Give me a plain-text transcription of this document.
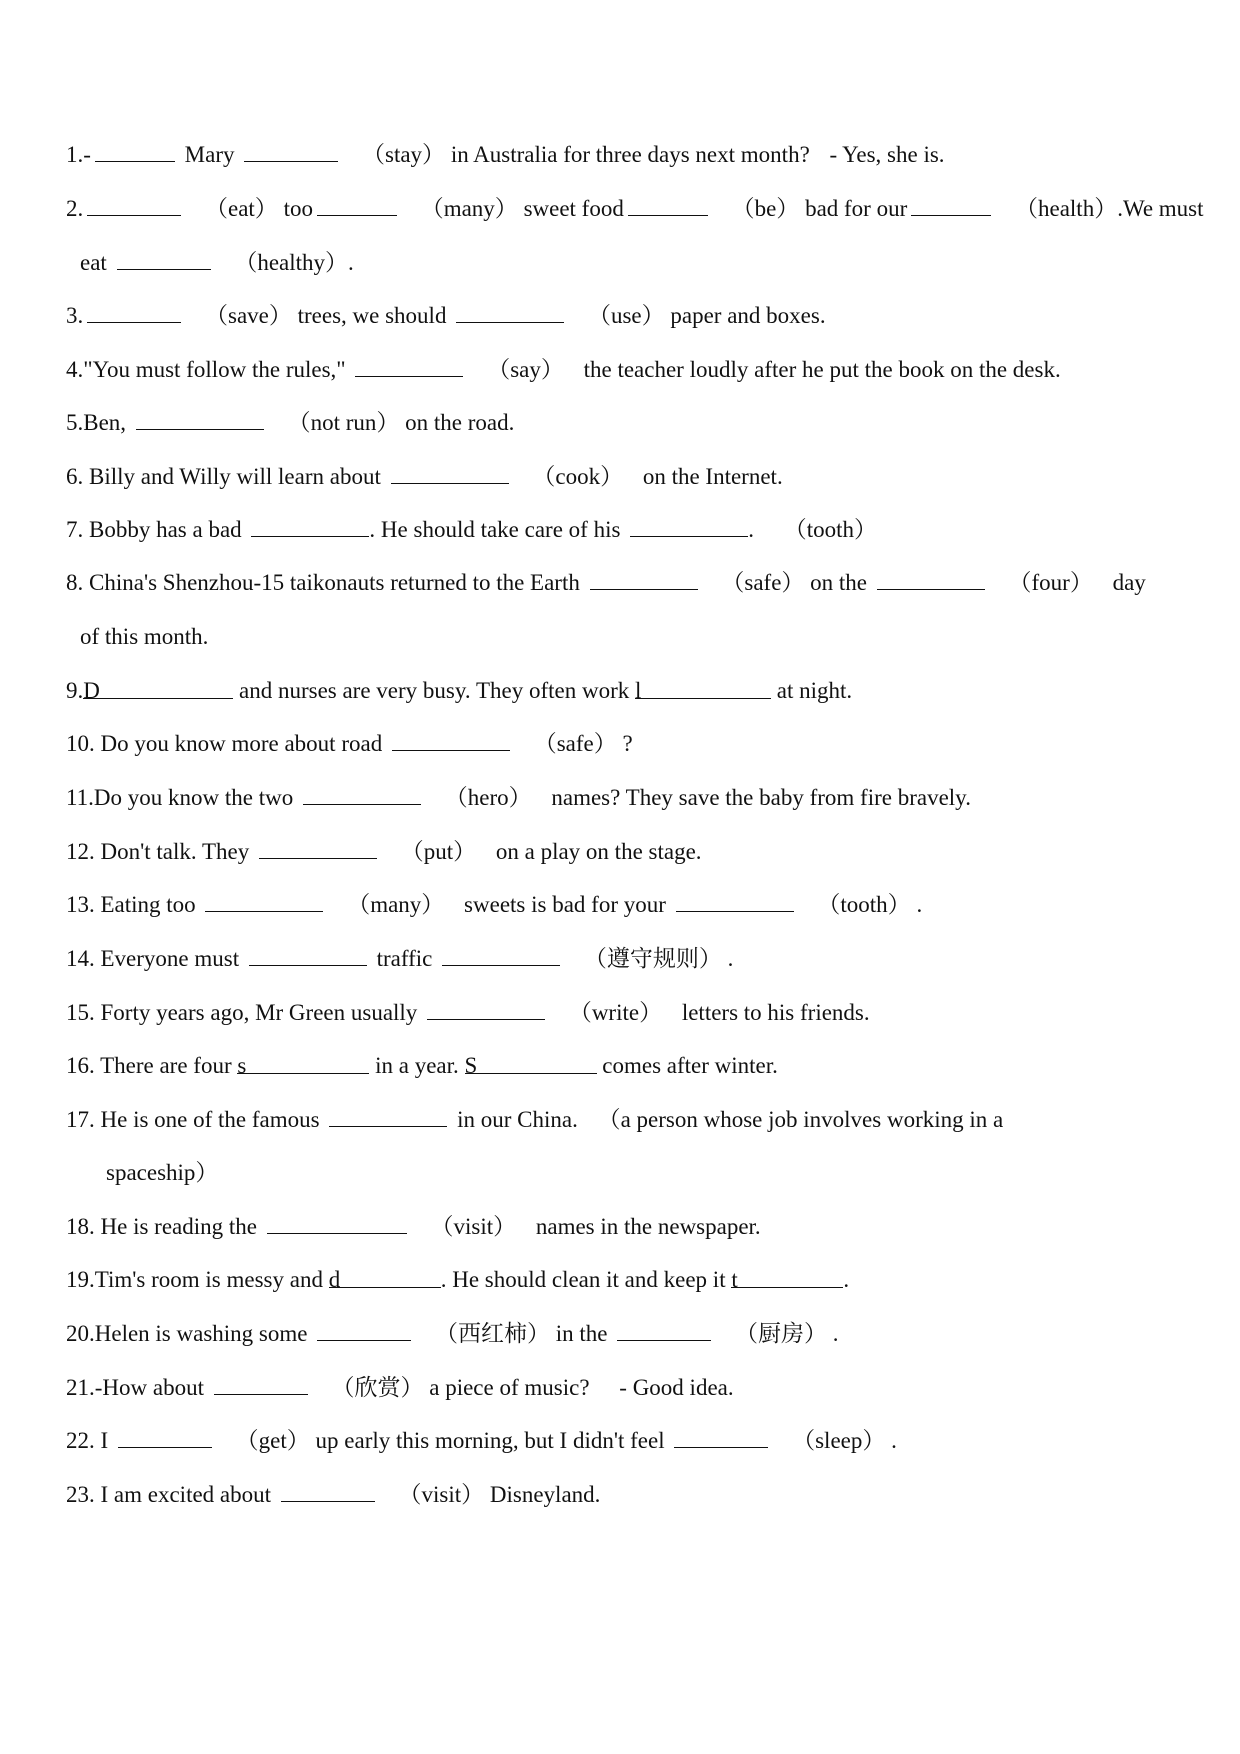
1.-	Mary	（stay） in Australia for three days next month? - Yes, she is.
2.	（eat） too	（many） sweet food	（be） bad for our	（health）.We must
eat	（healthy）.
3.	（save） trees, we should	（use） paper and boxes.
4."You must follow the rules,"	（say） the teacher loudly after he put the book on the desk.
5.Ben,	（not run） on the road.
6. Billy and Willy will learn about	（cook） on the Internet.
7. Bobby has a bad	. He should take care of his	. （tooth）
8. China's Shenzhou-15 taikonauts returned to the Earth	（safe） on the	（four） day
of this month.
9.D	and nurses are very busy. They often work l	at night.
10. Do you know more about road	（safe） ?
11.Do you know the two	（hero） names? They save the baby from fire bravely.
12. Don't talk. They	（put） on a play on the stage.
13. Eating too	（many） sweets is bad for your	（tooth） .
14. Everyone must	traffic	（遵守规则） .
15. Forty years ago, Mr Green usually	（write） letters to his friends.
16. There are four s	in a year. S	comes after winter.
17. He is one of the famous	in our China. （a person whose job involves working in a
spaceship）
18. He is reading the	（visit） names in the newspaper.
19.Tim's room is messy and d	. He should clean it and keep it t	.
20.Helen is washing some	（西红柿） in the	（厨房） .
21.-How about	（欣赏） a piece of music? - Good idea.
22. I	（get） up early this morning, but I didn't feel	（sleep） .
23. I am excited about	（visit） Disneyland.
